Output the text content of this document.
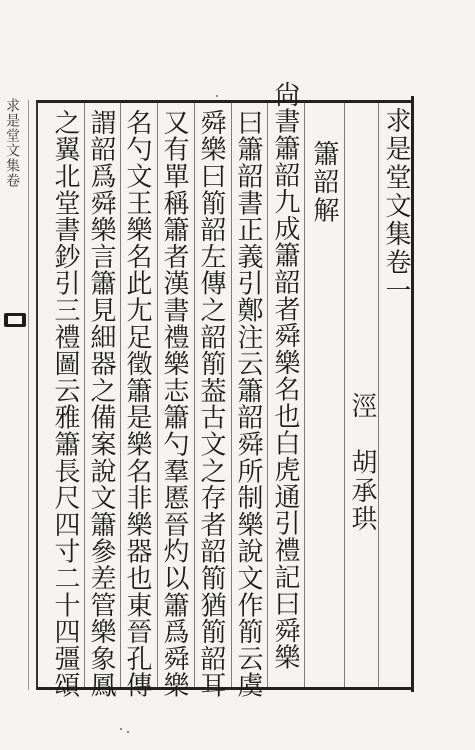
求是堂文集卷	求是堂文集卷一
涇　胡承珙
簫韶解
尙書簫韶九成簫韶者舜樂名也白虎通引禮記曰舜樂
曰簫韶書正義引鄭注云簫韶舜所制樂說文作箾云虞
舜樂曰箾韶左傳之韶箾葢古文之存者韶箾猶箾韶耳
又有單稱簫者漢書禮樂志簫勺羣慝晉灼以簫爲舜樂
名勺文王樂名此尢足徵簫是樂名非樂器也東晉孔傳
謂韶爲舜樂言簫見細器之備案說文簫參差管樂象鳳
之翼北堂書鈔引三禮圖云雅簫長尺四寸二十四彊頌
